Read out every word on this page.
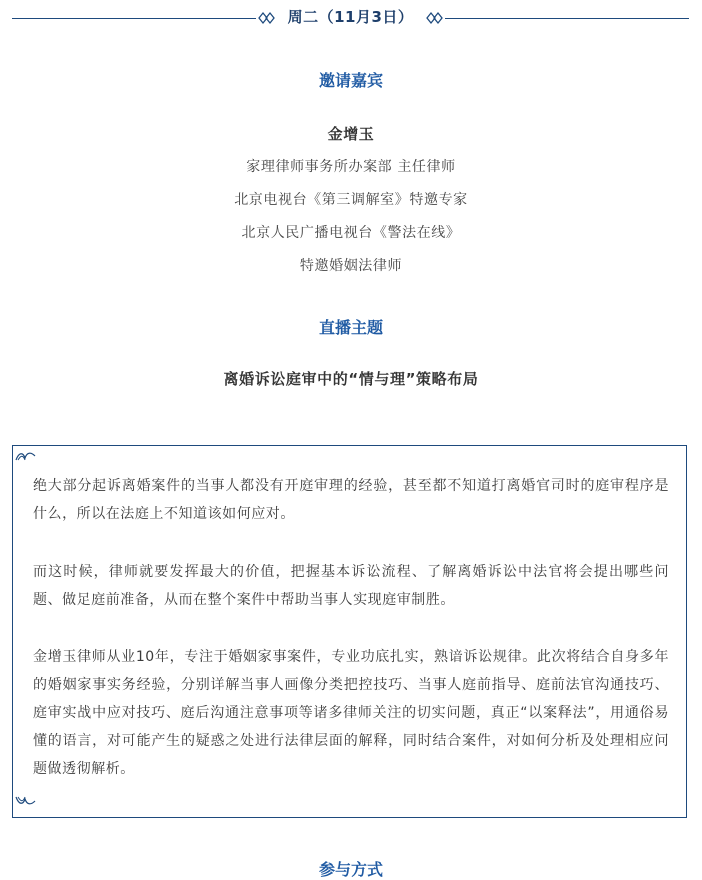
周二（11月3日）
邀请嘉宾
金增玉
家理律师事务所办案部 主任律师
北京电视台《第三调解室》特邀专家
北京人民广播电视台《警法在线》
特邀婚姻法律师
直播主题
离婚诉讼庭审中的“情与理”策略布局
绝大部分起诉离婚案件的当事人都没有开庭审理的经验，甚至都不知道打离婚官司时的庭审程序是什么，所以在法庭上不知道该如何应对。
而这时候，律师就要发挥最大的价值，把握基本诉讼流程、了解离婚诉讼中法官将会提出哪些问题、做足庭前准备，从而在整个案件中帮助当事人实现庭审制胜。
金增玉律师从业10年，专注于婚姻家事案件，专业功底扎实，熟谙诉讼规律。此次将结合自身多年的婚姻家事实务经验，分别详解当事人画像分类把控技巧、当事人庭前指导、庭前法官沟通技巧、庭审实战中应对技巧、庭后沟通注意事项等诸多律师关注的切实问题，真正“以案释法”，用通俗易懂的语言，对可能产生的疑惑之处进行法律层面的解释，同时结合案件，对如何分析及处理相应问题做透彻解析。
参与方式
